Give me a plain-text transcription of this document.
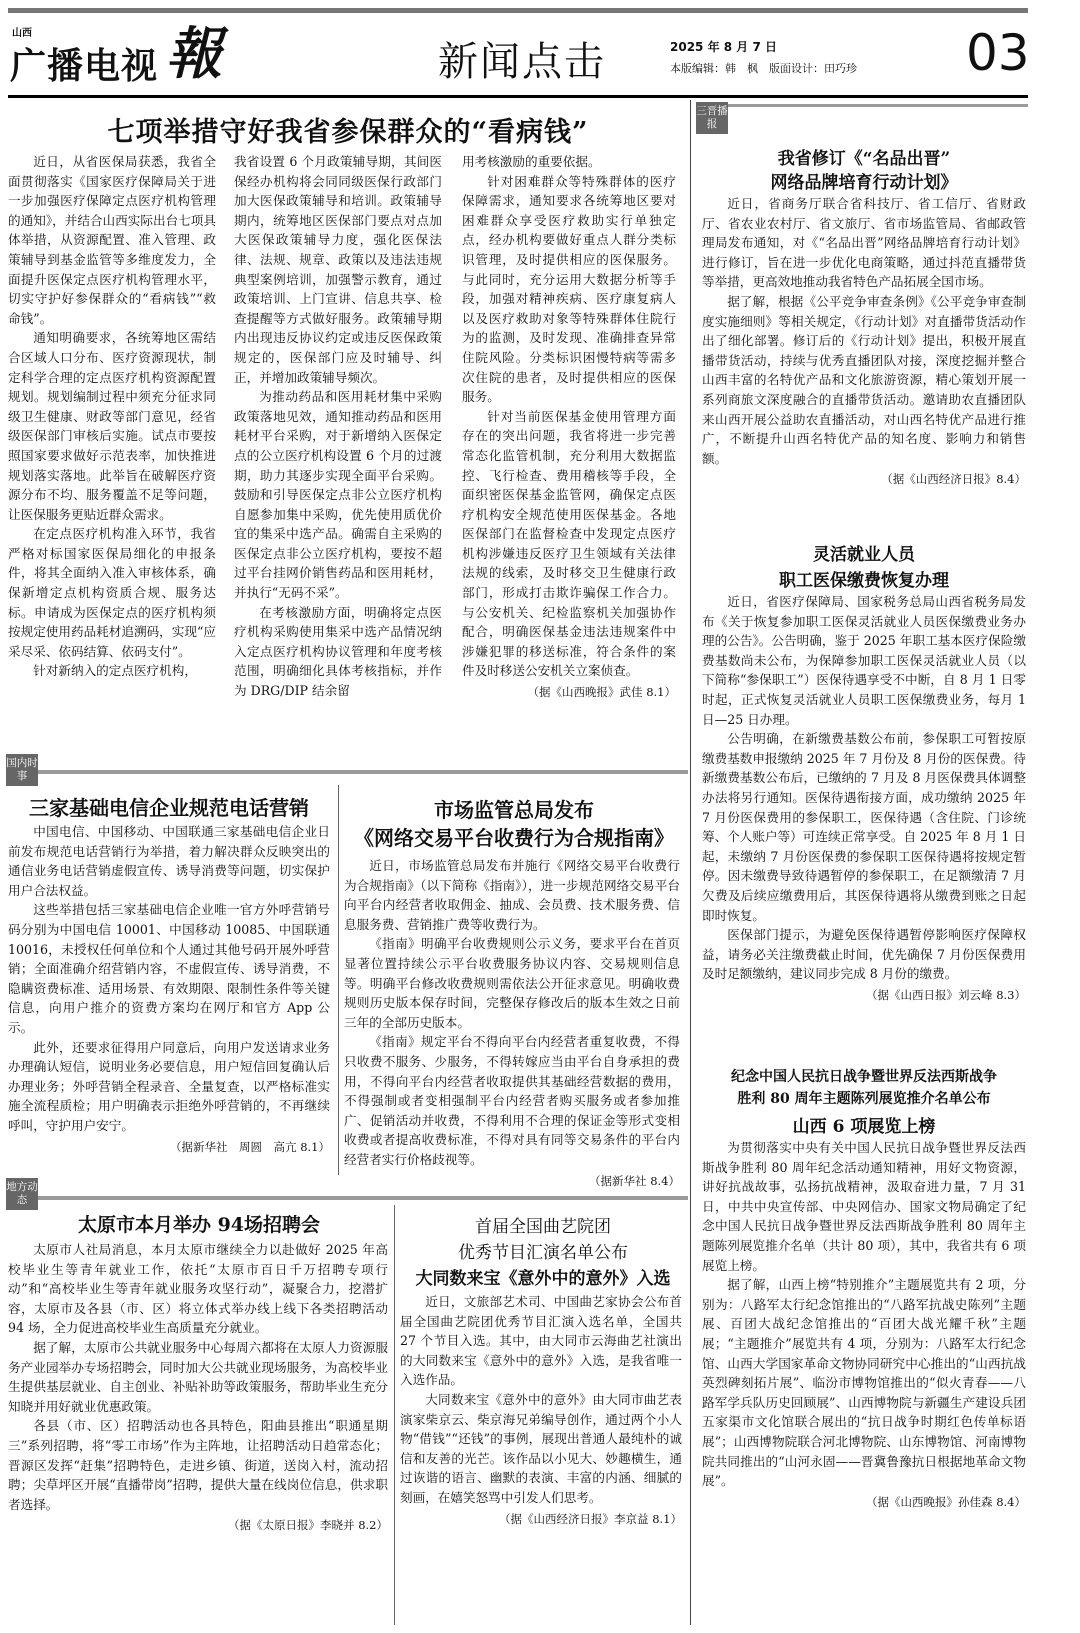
山西
广播电视 報	新闻点击	2025 年 8 月 7 日
本版编辑：韩　枫　版面设计：田巧珍 03
七项举措守好我省参保群众的“看病钱”

近日，从省医保局获悉，我省全面贯彻落实《国家医疗保障局关于进一步加强医疗保障定点医疗机构管理的通知》，并结合山西实际出台七项具体举措，从资源配置、准入管理、政策辅导到基金监管等多维度发力，全面提升医保定点医疗机构管理水平，切实守护好参保群众的“看病钱”“救命钱”。

通知明确要求，各统筹地区需结合区域人口分布、医疗资源现状，制定科学合理的定点医疗机构资源配置规划。规划编制过程中须充分征求同级卫生健康、财政等部门意见，经省级医保部门审核后实施。试点市要按照国家要求做好示范表率，加快推进规划落实落地。此举旨在破解医疗资源分布不均、服务覆盖不足等问题，让医保服务更贴近群众需求。

在定点医疗机构准入环节，我省严格对标国家医保局细化的申报条件，将其全面纳入准入审核体系，确保新增定点机构资质合规、服务达标。申请成为医保定点的医疗机构须按规定使用药品耗材追溯码，实现“应采尽采、依码结算、依码支付”。

针对新纳入的定点医疗机构，

我省设置 6 个月政策辅导期，其间医保经办机构将会同同级医保行政部门加大医保政策辅导和培训。政策辅导期内，统筹地区医保部门要点对点加大医保政策辅导力度，强化医保法律、法规、规章、政策以及违法违规典型案例培训，加强警示教育，通过政策培训、上门宣讲、信息共享、检查提醒等方式做好服务。政策辅导期内出现违反协议约定或违反医保政策规定的，医保部门应及时辅导、纠正，并增加政策辅导频次。

为推动药品和医用耗材集中采购政策落地见效，通知推动药品和医用耗材平台采购，对于新增纳入医保定点的公立医疗机构设置 6 个月的过渡期，助力其逐步实现全面平台采购。鼓励和引导医保定点非公立医疗机构自愿参加集中采购，优先使用质优价宜的集采中选产品。确需自主采购的医保定点非公立医疗机构，要按不超过平台挂网价销售药品和医用耗材，并执行“无码不采”。

在考核激励方面，明确将定点医疗机构采购使用集采中选产品情况纳入定点医疗机构协议管理和年度考核范围，明确细化具体考核指标，并作为 DRG/DIP 结余留

用考核激励的重要依据。

针对困难群众等特殊群体的医疗保障需求，通知要求各统筹地区要对困难群众享受医疗救助实行单独定点，经办机构要做好重点人群分类标识管理，及时提供相应的医保服务。与此同时，充分运用大数据分析等手段，加强对精神疾病、医疗康复病人以及医疗救助对象等特殊群体住院行为的监测，及时发现、准确排查异常住院风险。分类标识困慢特病等需多次住院的患者，及时提供相应的医保服务。

针对当前医保基金使用管理方面存在的突出问题，我省将进一步完善常态化监管机制，充分利用大数据监控、飞行检查、费用稽核等手段，全面织密医保基金监管网，确保定点医疗机构安全规范使用医保基金。各地医保部门在监督检查中发现定点医疗机构涉嫌违反医疗卫生领域有关法律法规的线索，及时移交卫生健康行政部门，形成打击欺诈骗保工作合力。与公安机关、纪检监察机关加强协作配合，明确医保基金违法违规案件中涉嫌犯罪的移送标准，符合条件的案件及时移送公安机关立案侦查。

（据《山西晚报》武佳 8.1）
国内时事
三家基础电信企业规范电话营销

中国电信、中国移动、中国联通三家基础电信企业日前发布规范电话营销行为举措，着力解决群众反映突出的通信业务电话营销虚假宣传、诱导消费等问题，切实保护用户合法权益。

这些举措包括三家基础电信企业唯一官方外呼营销号码分别为中国电信 10001、中国移动 10085、中国联通 10016，未授权任何单位和个人通过其他号码开展外呼营销；全面准确介绍营销内容，不虚假宣传、诱导消费，不隐瞒资费标准、适用场景、有效期限、限制性条件等关键信息，向用户推介的资费方案均在网厅和官方 App 公示。

此外，还要求征得用户同意后，向用户发送请求业务办理确认短信，说明业务必要信息，用户短信回复确认后办理业务；外呼营销全程录音、全量复查，以严格标准实施全流程质检；用户明确表示拒绝外呼营销的，不再继续呼叫，守护用户安宁。

（据新华社　周圆　高亢 8.1）
市场监管总局发布
《网络交易平台收费行为合规指南》

近日，市场监管总局发布并施行《网络交易平台收费行为合规指南》（以下简称《指南》），进一步规范网络交易平台向平台内经营者收取佣金、抽成、会员费、技术服务费、信息服务费、营销推广费等收费行为。

《指南》明确平台收费规则公示义务，要求平台在首页显著位置持续公示平台收费服务协议内容、交易规则信息等。明确平台修改收费规则需依法公开征求意见。明确收费规则历史版本保存时间，完整保存修改后的版本生效之日前三年的全部历史版本。

《指南》规定平台不得向平台内经营者重复收费，不得只收费不服务、少服务，不得转嫁应当由平台自身承担的费用，不得向平台内经营者收取提供其基础经营数据的费用，不得强制或者变相强制平台内经营者购买服务或者参加推广、促销活动并收费，不得利用不合理的保证金等形式变相收费或者提高收费标准，不得对具有同等交易条件的平台内经营者实行价格歧视等。

（据新华社 8.4）
地方动态
太原市本月举办 94场招聘会

太原市人社局消息，本月太原市继续全力以赴做好 2025 年高校毕业生等青年就业工作，依托“太原市百日千万招聘专项行动”和“高校毕业生等青年就业服务攻坚行动”，凝聚合力，挖潜扩容，太原市及各县（市、区）将立体式举办线上线下各类招聘活动 94 场，全力促进高校毕业生高质量充分就业。

据了解，太原市公共就业服务中心每周六都将在太原人力资源服务产业园举办专场招聘会，同时加大公共就业现场服务，为高校毕业生提供基层就业、自主创业、补贴补助等政策服务，帮助毕业生充分知晓并用好就业优惠政策。

各县（市、区）招聘活动也各具特色，阳曲县推出“职通星期三”系列招聘，将“零工市场”作为主阵地，让招聘活动日趋常态化；晋源区发挥“赶集”招聘特色，走进乡镇、街道，送岗入村，流动招聘；尖草坪区开展“直播带岗”招聘，提供大量在线岗位信息，供求职者选择。

（据《太原日报》李晓并 8.2）
首届全国曲艺院团
优秀节目汇演名单公布
大同数来宝《意外中的意外》入选

近日，文旅部艺术司、中国曲艺家协会公布首届全国曲艺院团优秀节目汇演入选名单，全国共 27 个节目入选。其中，由大同市云海曲艺社演出的大同数来宝《意外中的意外》入选，是我省唯一入选作品。

大同数来宝《意外中的意外》由大同市曲艺表演家柴京云、柴京海兄弟编导创作，通过两个小人物“借钱”“还钱”的事例，展现出普通人最纯朴的诚信和友善的光芒。该作品以小见大、妙趣横生，通过诙谐的语言、幽默的表演、丰富的内涵、细腻的刻画，在嬉笑怒骂中引发人们思考。

（据《山西经济日报》李京益 8.1）
三晋播报
我省修订《“名品出晋”
网络品牌培育行动计划》

近日，省商务厅联合省科技厅、省工信厅、省财政厅、省农业农村厅、省文旅厅、省市场监管局、省邮政管理局发布通知，对《“名品出晋”网络品牌培育行动计划》进行修订，旨在进一步优化电商策略，通过抖范直播带货等举措，更高效地推动我省特色产品拓展全国市场。

据了解，根据《公平竞争审查条例》《公平竞争审查制度实施细则》等相关规定，《行动计划》对直播带货活动作出了细化部署。修订后的《行动计划》提出，积极开展直播带货活动，持续与优秀直播团队对接，深度挖掘并整合山西丰富的名特优产品和文化旅游资源，精心策划开展一系列商旅文深度融合的直播带货活动。邀请助农直播团队来山西开展公益助农直播活动，对山西名特优产品进行推广，不断提升山西名特优产品的知名度、影响力和销售额。

（据《山西经济日报》8.4）
灵活就业人员
职工医保缴费恢复办理

近日，省医疗保障局、国家税务总局山西省税务局发布《关于恢复参加职工医保灵活就业人员医保缴费业务办理的公告》。公告明确，鉴于 2025 年职工基本医疗保险缴费基数尚未公布，为保障参加职工医保灵活就业人员（以下简称“参保职工”）医保待遇享受不中断，自 8 月 1 日零时起，正式恢复灵活就业人员职工医保缴费业务，每月 1 日—25 日办理。

公告明确，在新缴费基数公布前，参保职工可暂按原缴费基数申报缴纳 2025 年 7 月份及 8 月份的医保费。待新缴费基数公布后，已缴纳的 7 月及 8 月医保费具体调整办法将另行通知。医保待遇衔接方面，成功缴纳 2025 年 7 月份医保费用的参保职工，医保待遇（含住院、门诊统筹、个人账户等）可连续正常享受。自 2025 年 8 月 1 日起，未缴纳 7 月份医保费的参保职工医保待遇将按规定暂停。因未缴费导致待遇暂停的参保职工，在足额缴清 7 月欠费及后续应缴费用后，其医保待遇将从缴费到账之日起即时恢复。

医保部门提示，为避免医保待遇暂停影响医疗保障权益，请务必关注缴费截止时间，优先确保 7 月份医保费用及时足额缴纳，建议同步完成 8 月份的缴费。

（据《山西日报》刘云峰 8.3）
纪念中国人民抗日战争暨世界反法西斯战争
胜利 80 周年主题陈列展览推介名单公布
山西 6 项展览上榜

为贯彻落实中央有关中国人民抗日战争暨世界反法西斯战争胜利 80 周年纪念活动通知精神，用好文物资源，讲好抗战故事，弘扬抗战精神，汲取奋进力量，7 月 31 日，中共中央宣传部、中央网信办、国家文物局确定了纪念中国人民抗日战争暨世界反法西斯战争胜利 80 周年主题陈列展览推介名单（共计 80 项），其中，我省共有 6 项展览上榜。

据了解，山西上榜“特别推介”主题展览共有 2 项，分别为：八路军太行纪念馆推出的“八路军抗战史陈列”主题展、百团大战纪念馆推出的“百团大战光耀千秋”主题展；“主题推介”展览共有 4 项，分别为：八路军太行纪念馆、山西大学国家革命文物协同研究中心推出的“山西抗战英烈碑刻拓片展”、临汾市博物馆推出的“似火青春——八路军学兵队历史回顾展”、山西博物院与新疆生产建设兵团五家渠市文化馆联合展出的“抗日战争时期红色传单标语展”；山西博物院联合河北博物院、山东博物馆、河南博物院共同推出的“山河永固——晋冀鲁豫抗日根据地革命文物展”。

（据《山西晚报》孙佳森 8.4）
